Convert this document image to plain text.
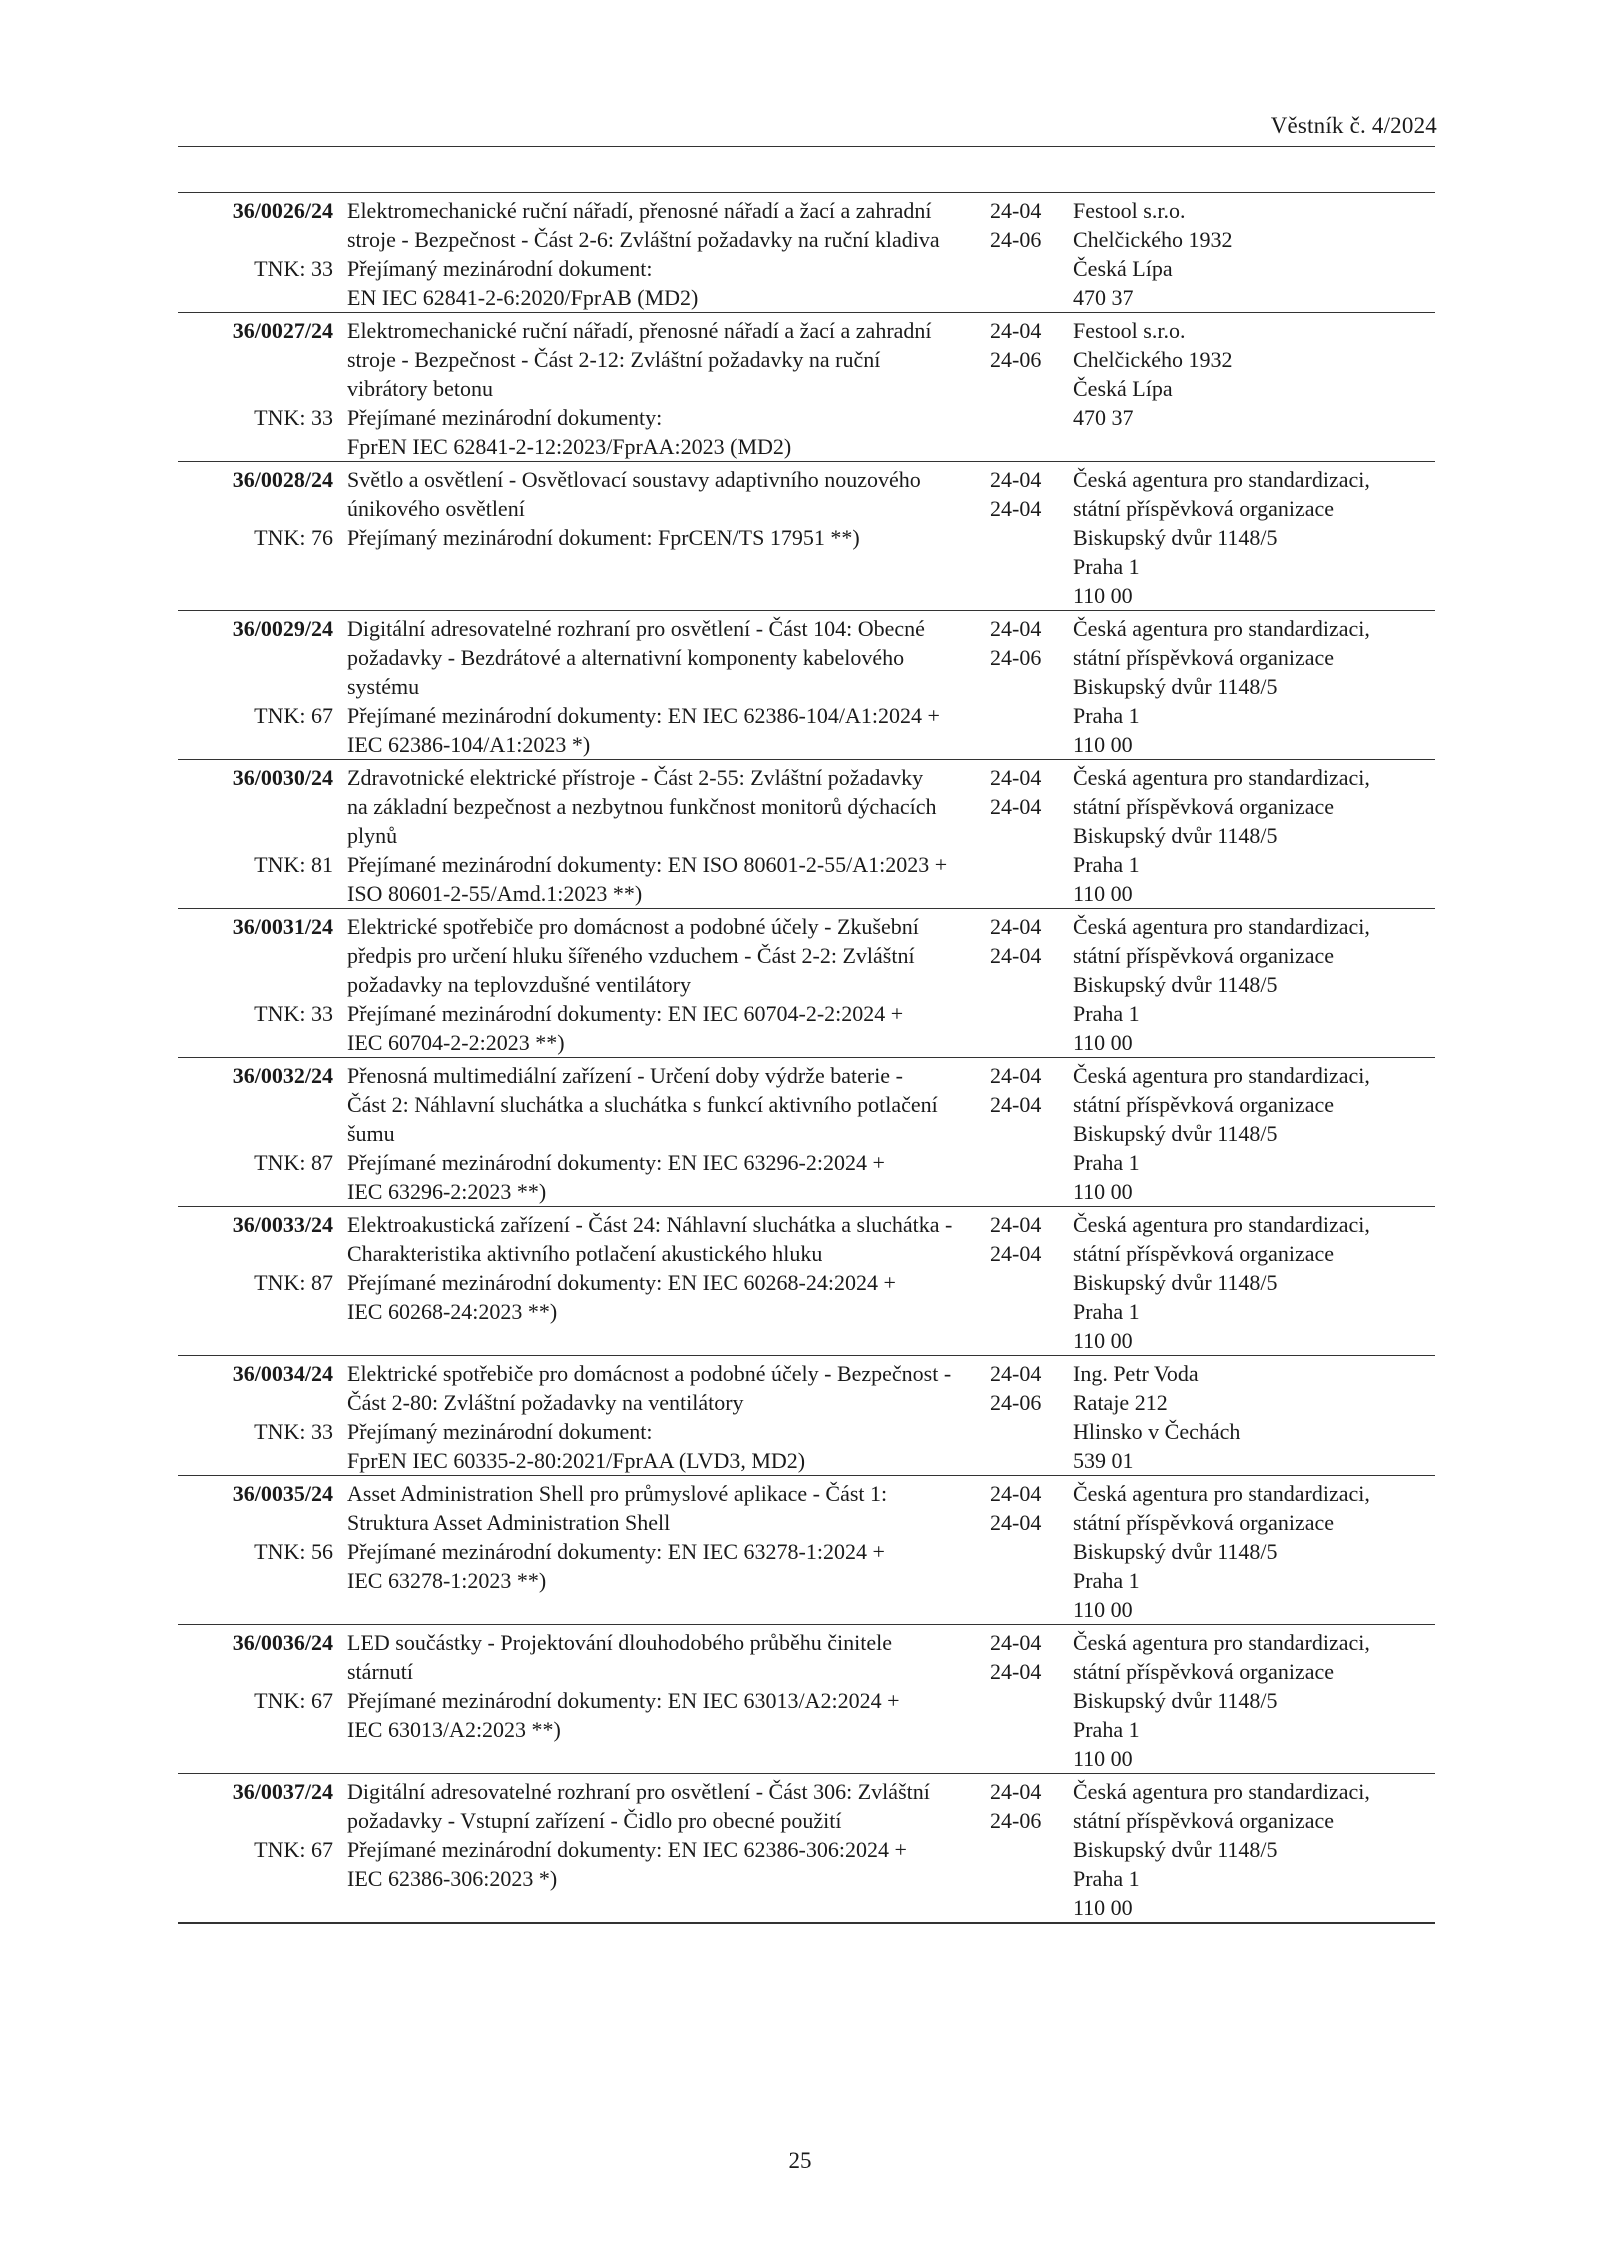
Věstník č. 4/2024
36/0026/24
TNK: 33
Elektromechanické ruční nářadí, přenosné nářadí a žací a zahradní
stroje - Bezpečnost - Část 2-6: Zvláštní požadavky na ruční kladiva
Přejímaný mezinárodní dokument:
EN IEC 62841-2-6:2020/FprAB (MD2)
24-04
24-06
Festool s.r.o.
Chelčického 1932
Česká Lípa
470 37
36/0027/24
TNK: 33
Elektromechanické ruční nářadí, přenosné nářadí a žací a zahradní
stroje - Bezpečnost - Část 2-12: Zvláštní požadavky na ruční
vibrátory betonu
Přejímané mezinárodní dokumenty:
FprEN IEC 62841-2-12:2023/FprAA:2023 (MD2)
24-04
24-06
Festool s.r.o.
Chelčického 1932
Česká Lípa
470 37
36/0028/24
TNK: 76
Světlo a osvětlení - Osvětlovací soustavy adaptivního nouzového
únikového osvětlení
Přejímaný mezinárodní dokument: FprCEN/TS 17951 **)
24-04
24-04
Česká agentura pro standardizaci,
státní příspěvková organizace
Biskupský dvůr 1148/5
Praha 1
110 00
36/0029/24
TNK: 67
Digitální adresovatelné rozhraní pro osvětlení - Část 104: Obecné
požadavky - Bezdrátové a alternativní komponenty kabelového
systému
Přejímané mezinárodní dokumenty: EN IEC 62386-104/A1:2024 +
IEC 62386-104/A1:2023 *)
24-04
24-06
Česká agentura pro standardizaci,
státní příspěvková organizace
Biskupský dvůr 1148/5
Praha 1
110 00
36/0030/24
TNK: 81
Zdravotnické elektrické přístroje - Část 2-55: Zvláštní požadavky
na základní bezpečnost a nezbytnou funkčnost monitorů dýchacích
plynů
Přejímané mezinárodní dokumenty: EN ISO 80601-2-55/A1:2023 +
ISO 80601-2-55/Amd.1:2023 **)
24-04
24-04
Česká agentura pro standardizaci,
státní příspěvková organizace
Biskupský dvůr 1148/5
Praha 1
110 00
36/0031/24
TNK: 33
Elektrické spotřebiče pro domácnost a podobné účely - Zkušební
předpis pro určení hluku šířeného vzduchem - Část 2-2: Zvláštní
požadavky na teplovzdušné ventilátory
Přejímané mezinárodní dokumenty: EN IEC 60704-2-2:2024 +
IEC 60704-2-2:2023 **)
24-04
24-04
Česká agentura pro standardizaci,
státní příspěvková organizace
Biskupský dvůr 1148/5
Praha 1
110 00
36/0032/24
TNK: 87
Přenosná multimediální zařízení - Určení doby výdrže baterie -
Část 2: Náhlavní sluchátka a sluchátka s funkcí aktivního potlačení
šumu
Přejímané mezinárodní dokumenty: EN IEC 63296-2:2024 +
IEC 63296-2:2023 **)
24-04
24-04
Česká agentura pro standardizaci,
státní příspěvková organizace
Biskupský dvůr 1148/5
Praha 1
110 00
36/0033/24
TNK: 87
Elektroakustická zařízení - Část 24: Náhlavní sluchátka a sluchátka -
Charakteristika aktivního potlačení akustického hluku
Přejímané mezinárodní dokumenty: EN IEC 60268-24:2024 +
IEC 60268-24:2023 **)
24-04
24-04
Česká agentura pro standardizaci,
státní příspěvková organizace
Biskupský dvůr 1148/5
Praha 1
110 00
36/0034/24
TNK: 33
Elektrické spotřebiče pro domácnost a podobné účely - Bezpečnost -
Část 2-80: Zvláštní požadavky na ventilátory
Přejímaný mezinárodní dokument:
FprEN IEC 60335-2-80:2021/FprAA (LVD3, MD2)
24-04
24-06
Ing. Petr Voda
Rataje 212
Hlinsko v Čechách
539 01
36/0035/24
TNK: 56
Asset Administration Shell pro průmyslové aplikace - Část 1:
Struktura Asset Administration Shell
Přejímané mezinárodní dokumenty: EN IEC 63278-1:2024 +
IEC 63278-1:2023 **)
24-04
24-04
Česká agentura pro standardizaci,
státní příspěvková organizace
Biskupský dvůr 1148/5
Praha 1
110 00
36/0036/24
TNK: 67
LED součástky - Projektování dlouhodobého průběhu činitele
stárnutí
Přejímané mezinárodní dokumenty: EN IEC 63013/A2:2024 +
IEC 63013/A2:2023 **)
24-04
24-04
Česká agentura pro standardizaci,
státní příspěvková organizace
Biskupský dvůr 1148/5
Praha 1
110 00
36/0037/24
TNK: 67
Digitální adresovatelné rozhraní pro osvětlení - Část 306: Zvláštní
požadavky - Vstupní zařízení - Čidlo pro obecné použití
Přejímané mezinárodní dokumenty: EN IEC 62386-306:2024 +
IEC 62386-306:2023 *)
24-04
24-06
Česká agentura pro standardizaci,
státní příspěvková organizace
Biskupský dvůr 1148/5
Praha 1
110 00
25
